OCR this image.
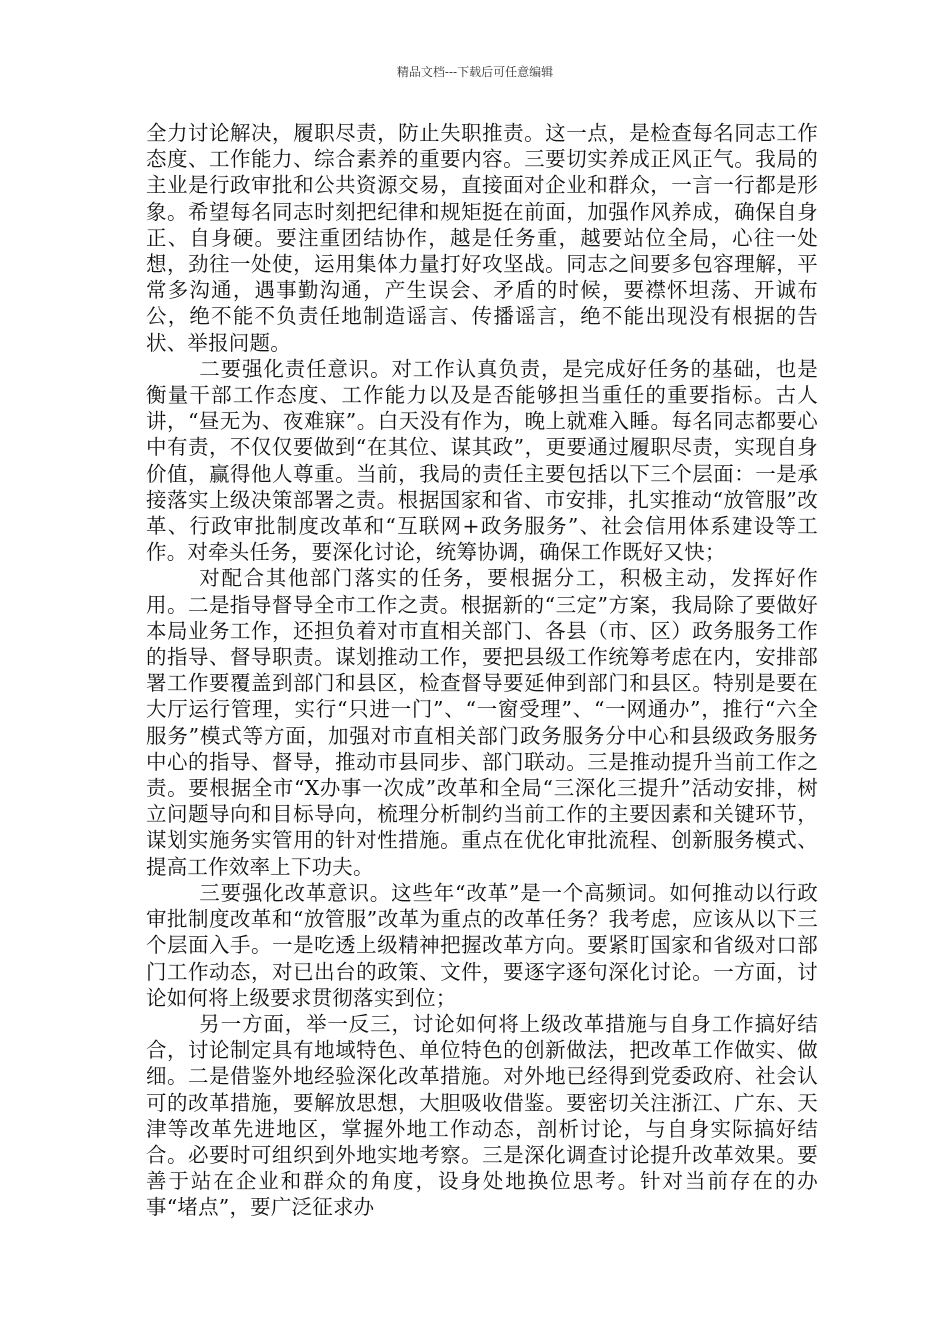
精品文档---下载后可任意编辑

全力讨论解决，履职尽责，防止失职推责。这一点，是检查每名同志工作态度、工作能力、综合素养的重要内容。三要切实养成正风正气。我局的主业是行政审批和公共资源交易，直接面对企业和群众，一言一行都是形象。希望每名同志时刻把纪律和规矩挺在前面，加强作风养成，确保自身正、自身硬。要注重团结协作，越是任务重，越要站位全局，心往一处想，劲往一处使，运用集体力量打好攻坚战。同志之间要多包容理解，平常多沟通，遇事勤沟通，产生误会、矛盾的时候，要襟怀坦荡、开诚布公，绝不能不负责任地制造谣言、传播谣言，绝不能出现没有根据的告状、举报问题。

二要强化责任意识。对工作认真负责，是完成好任务的基础，也是衡量干部工作态度、工作能力以及是否能够担当重任的重要指标。古人讲，“昼无为、夜难寐”。白天没有作为，晚上就难入睡。每名同志都要心中有责，不仅仅要做到“在其位、谋其政”，更要通过履职尽责，实现自身价值，赢得他人尊重。当前，我局的责任主要包括以下三个层面：一是承接落实上级决策部署之责。根据国家和省、市安排，扎实推动“放管服”改革、行政审批制度改革和“互联网+政务服务”、社会信用体系建设等工作。对牵头任务，要深化讨论，统筹协调，确保工作既好又快；

对配合其他部门落实的任务，要根据分工，积极主动，发挥好作用。二是指导督导全市工作之责。根据新的“三定”方案，我局除了要做好本局业务工作，还担负着对市直相关部门、各县（市、区）政务服务工作的指导、督导职责。谋划推动工作，要把县级工作统筹考虑在内，安排部署工作要覆盖到部门和县区，检查督导要延伸到部门和县区。特别是要在大厅运行管理，实行“只进一门”、“一窗受理”、“一网通办”，推行“六全服务”模式等方面，加强对市直相关部门政务服务分中心和县级政务服务中心的指导、督导，推动市县同步、部门联动。三是推动提升当前工作之责。要根据全市“X办事一次成”改革和全局“三深化三提升”活动安排，树立问题导向和目标导向，梳理分析制约当前工作的主要因素和关键环节，谋划实施务实管用的针对性措施。重点在优化审批流程、创新服务模式、提高工作效率上下功夫。

三要强化改革意识。这些年“改革”是一个高频词。如何推动以行政审批制度改革和“放管服”改革为重点的改革任务？我考虑，应该从以下三个层面入手。一是吃透上级精神把握改革方向。要紧盯国家和省级对口部门工作动态，对已出台的政策、文件，要逐字逐句深化讨论。一方面，讨论如何将上级要求贯彻落实到位；

另一方面，举一反三，讨论如何将上级改革措施与自身工作搞好结合，讨论制定具有地域特色、单位特色的创新做法，把改革工作做实、做细。二是借鉴外地经验深化改革措施。对外地已经得到党委政府、社会认可的改革措施，要解放思想，大胆吸收借鉴。要密切关注浙江、广东、天津等改革先进地区，掌握外地工作动态，剖析讨论，与自身实际搞好结合。必要时可组织到外地实地考察。三是深化调查讨论提升改革效果。要善于站在企业和群众的角度，设身处地换位思考。针对当前存在的办事“堵点”，要广泛征求办
